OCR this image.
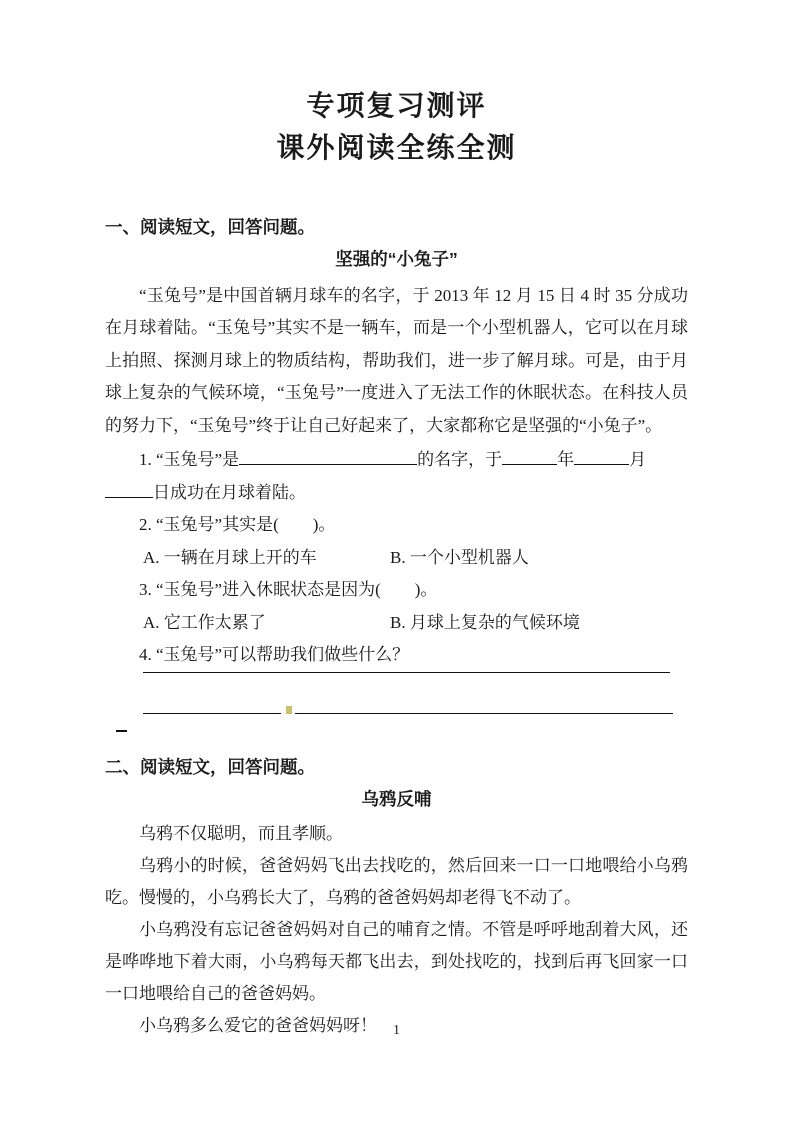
专项复习测评
课外阅读全练全测
一、阅读短文，回答问题。
坚强的“小兔子”

“玉兔号”是中国首辆月球车的名字，于 2013 年 12 月 15 日 4 时 35 分成功在月球着陆。“玉兔号”其实不是一辆车，而是一个小型机器人，它可以在月球上拍照、探测月球上的物质结构，帮助我们，进一步了解月球。可是，由于月球上复杂的气候环境，“玉兔号”一度进入了无法工作的休眠状态。在科技人员的努力下，“玉兔号”终于让自己好起来了，大家都称它是坚强的“小兔子”。

1. “玉兔号”是	的名字，于	年	月日成功在月球着陆。

2. “玉兔号”其实是(　　)。

A. 一辆在月球上开的车	B. 一个小型机器人

3. “玉兔号”进入休眠状态是因为(　　)。

A. 它工作太累了	B. 月球上复杂的气候环境

4. “玉兔号”可以帮助我们做些什么？

二、阅读短文，回答问题。
乌鸦反哺

乌鸦不仅聪明，而且孝顺。

乌鸦小的时候，爸爸妈妈飞出去找吃的，然后回来一口一口地喂给小乌鸦吃。慢慢的，小乌鸦长大了，乌鸦的爸爸妈妈却老得飞不动了。

小乌鸦没有忘记爸爸妈妈对自己的哺育之情。不管是呼呼地刮着大风，还是哗哗地下着大雨，小乌鸦每天都飞出去，到处找吃的，找到后再飞回家一口一口地喂给自己的爸爸妈妈。

小乌鸦多么爱它的爸爸妈妈呀！	1
